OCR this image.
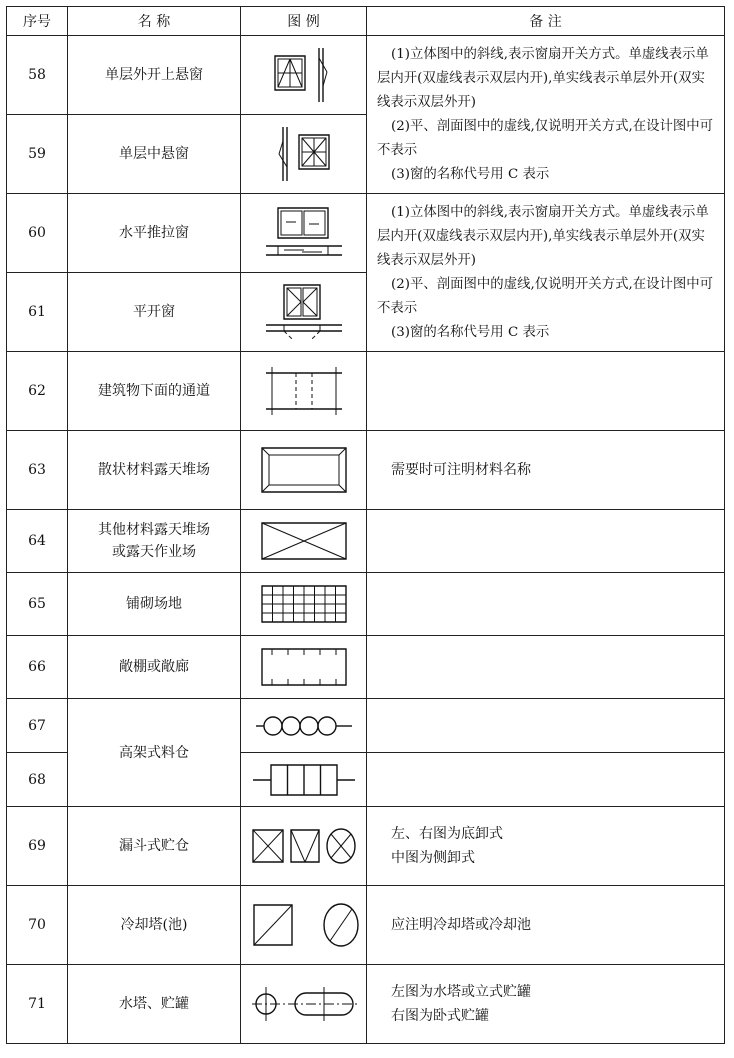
序号	名 称	图 例	备 注
58	单层外开上悬窗		(1)立体图中的斜线,表示窗扇开关方式。单虚线表示单层内开(双虚线表示双层内开),单实线表示单层外开(双实线表示双层外开)
(2)平、剖面图中的虚线,仅说明开关方式,在设计图中可不表示
(3)窗的名称代号用 C 表示

59	单层中悬窗	

60	水平推拉窗		(1)立体图中的斜线,表示窗扇开关方式。单虚线表示单层内开(双虚线表示双层内开),单实线表示单层外开(双实线表示双层外开)
(2)平、剖面图中的虚线,仅说明开关方式,在设计图中可不表示
(3)窗的名称代号用 C 表示

61	平开窗	

62	建筑物下面的通道	

63	散状材料露天堆场		需要时可注明材料名称
64	其他材料露天堆场或露天作业场	

65	铺砌场地	

66	敞棚或敞廊	

67	高架式料仓	

68	

69	漏斗式贮仓		左、右图为底卸式
中图为侧卸式

70	冷却塔(池)		应注明冷却塔或冷却池
71	水塔、贮罐		左图为水塔或立式贮罐
右图为卧式贮罐
